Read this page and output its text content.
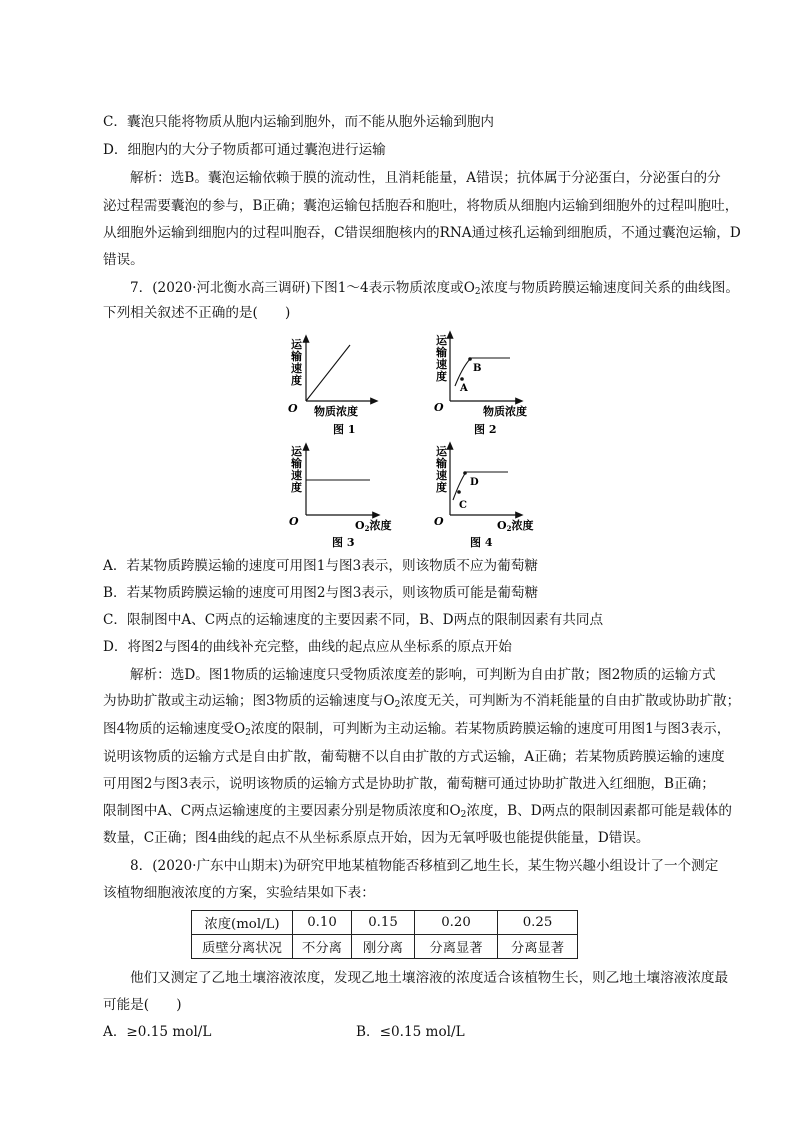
C．囊泡只能将物质从胞内运输到胞外，而不能从胞外运输到胞内
D．细胞内的大分子物质都可通过囊泡进行运输
解析：选B。囊泡运输依赖于膜的流动性，且消耗能量，A错误；抗体属于分泌蛋白，分泌蛋白的分
泌过程需要囊泡的参与，B正确；囊泡运输包括胞吞和胞吐，将物质从细胞内运输到细胞外的过程叫胞吐，
从细胞外运输到细胞内的过程叫胞吞，C错误细胞核内的RNA通过核孔运输到细胞质，不通过囊泡运输，D
错误。
7．(2020·河北衡水高三调研)下图1～4表示物质浓度或$O_2$浓度与物质跨膜运输速度间关系的曲线图。
下列相关叙述不正确的是(　　)
运
输
速
度
O 物质浓度
图 1
运
输
速
度
A
B
O	物质浓度
图 2
运
输
速
度
O	O2浓度
图 3
运
输
速
度
C
D
O	O2浓度
图 4
A．若某物质跨膜运输的速度可用图1与图3表示，则该物质不应为葡萄糖
B．若某物质跨膜运输的速度可用图2与图3表示，则该物质可能是葡萄糖
C．限制图中A、C两点的运输速度的主要因素不同，B、D两点的限制因素有共同点
D．将图2与图4的曲线补充完整，曲线的起点应从坐标系的原点开始
解析：选D。图1物质的运输速度只受物质浓度差的影响，可判断为自由扩散；图2物质的运输方式
为协助扩散或主动运输；图3物质的运输速度与$O_2$浓度无关，可判断为不消耗能量的自由扩散或协助扩散；
图4物质的运输速度受$O_2$浓度的限制，可判断为主动运输。若某物质跨膜运输的速度可用图1与图3表示，
说明该物质的运输方式是自由扩散，葡萄糖不以自由扩散的方式运输，A正确；若某物质跨膜运输的速度
可用图2与图3表示，说明该物质的运输方式是协助扩散，葡萄糖可通过协助扩散进入红细胞，B正确；
限制图中A、C两点运输速度的主要因素分别是物质浓度和$O_2$浓度，B、D两点的限制因素都可能是载体的
数量，C正确；图4曲线的起点不从坐标系原点开始，因为无氧呼吸也能提供能量，D错误。
8．(2020·广东中山期末)为研究甲地某植物能否移植到乙地生长，某生物兴趣小组设计了一个测定
该植物细胞液浓度的方案，实验结果如下表：
浓度(mol/L)	0.10	0.15	0.20	0.25
质壁分离状况	不分离	刚分离	分离显著	分离显著
他们又测定了乙地土壤溶液浓度，发现乙地土壤溶液的浓度适合该植物生长，则乙地土壤溶液浓度最
可能是(　　)
A．≥0.15 mol/L	B．≤0.15 mol/L
